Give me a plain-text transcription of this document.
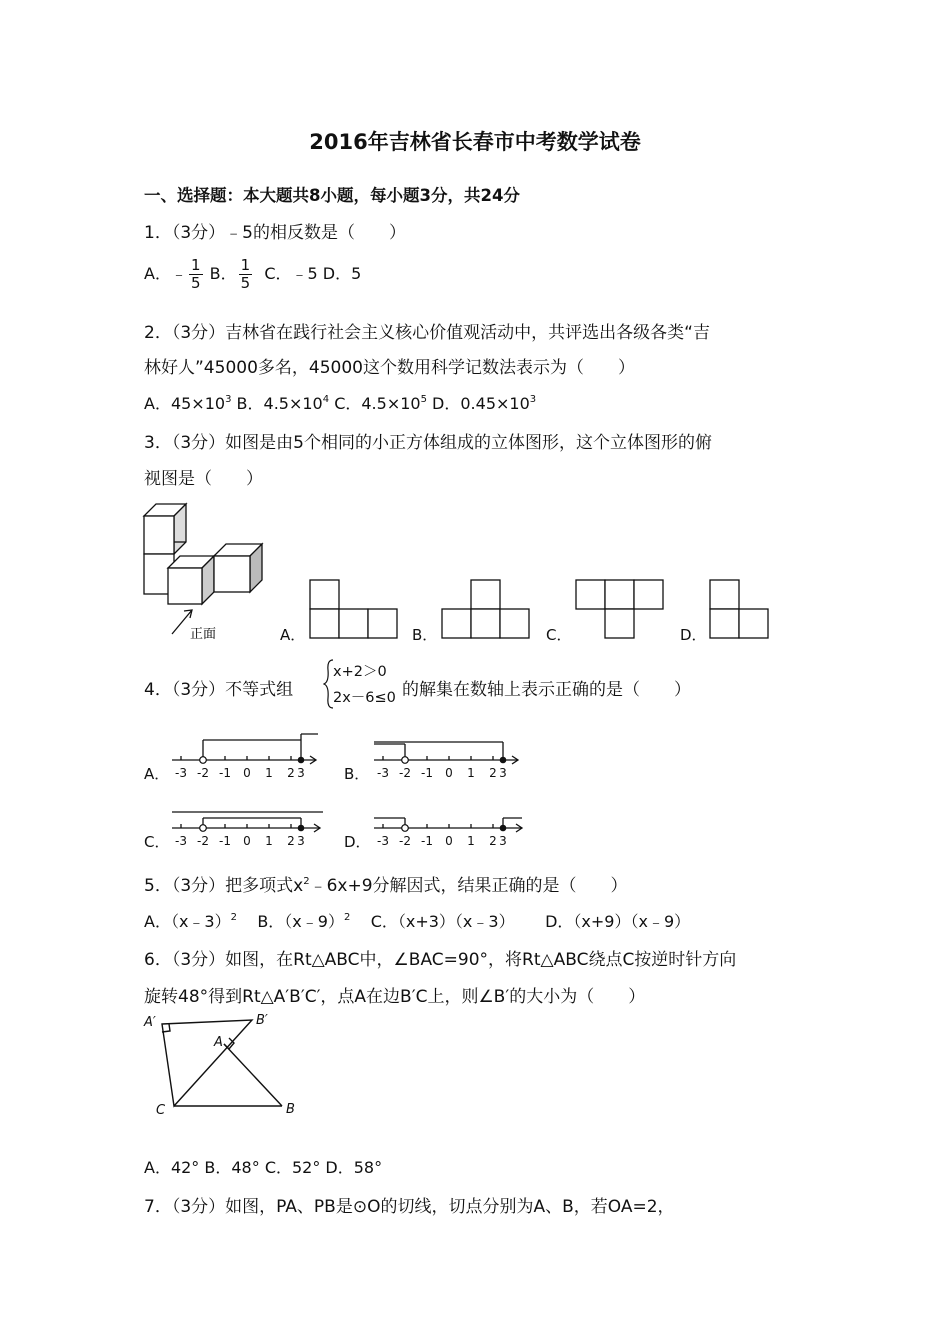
2016年吉林省长春市中考数学试卷
一、选择题：本大题共8小题，每小题3分，共24分
1．（3分）﹣5的相反数是（　　）
A．﹣ $\frac{1}{5}$ B． $\frac{1}{5}$ C．﹣5 D．5
2．（3分）吉林省在践行社会主义核心价值观活动中，共评选出各级各类“吉
林好人”45000多名，45000这个数用科学记数法表示为（　　）
A．$45\times 10^3$ B．$4.5\times 10^4$ C．$4.5\times 10^5$ D．$0.45\times 10^3$
3．（3分）如图是由5个相同的小正方体组成的立体图形，这个立体图形的俯
视图是（　　）
正面	A．	B．	C．	D．
4．（3分）不等式组
x+2＞0
2x－6≤0 的解集在数轴上表示正确的是（　　）
A． -3 -2 -1 0 1 2 3	B． -3 -2 -1 0 1 2 3
C． -3 -2 -1 0 1 2 3	D． -3 -2 -1 0 1 2 3
5．（3分）把多项式$x^2﹣6x+9$分解因式，结果正确的是（　　）
A．（x﹣3）$^2$ B．（x﹣9）$^2$ C．（x+3）（x﹣3） D．（x+9）（x﹣9）
6．（3分）如图，在Rt△ABC中，∠BAC=90°，将Rt△ABC绕点C按逆时针方向
旋转48°得到Rt△A′B′C′，点A在边B′C上，则∠B′的大小为（　　）
A′	B′
A
C	B
A．42° B．48° C．52° D．58°
7．（3分）如图，PA、PB是⊙O的切线，切点分别为A、B，若OA=2，
